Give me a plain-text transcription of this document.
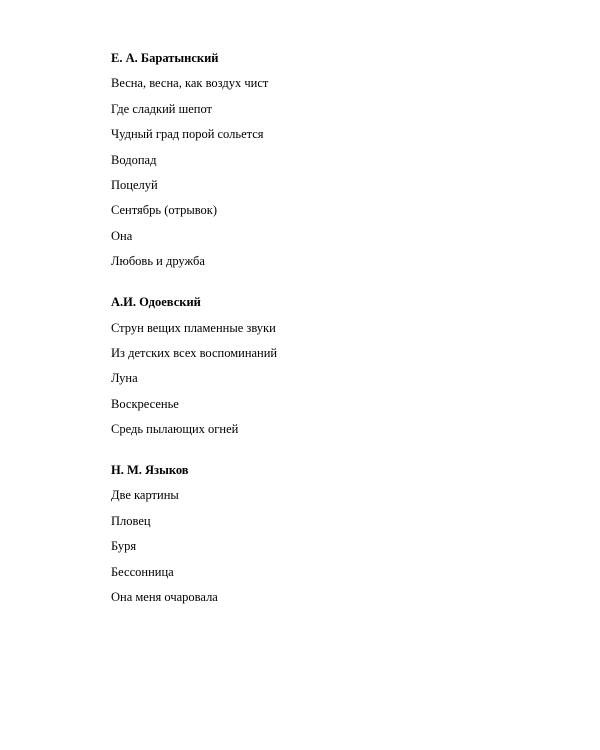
Е. А. Баратынский
Весна, весна, как воздух чист
Где сладкий шепот
Чудный град порой сольется
Водопад
Поцелуй
Сентябрь (отрывок)
Она
Любовь и дружба
А.И. Одоевский
Струн вещих пламенные звуки
Из детских всех воспоминаний
Луна
Воскресенье
Средь пылающих огней
Н. М. Языков
Две картины
Пловец
Буря
Бессонница
Она меня очаровала
